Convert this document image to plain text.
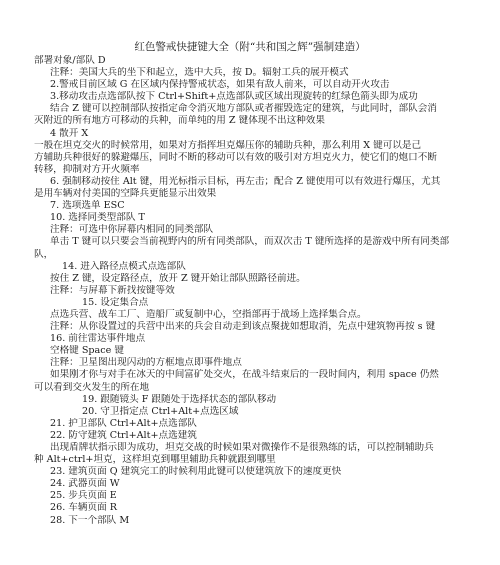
红色警戒快捷键大全（附“共和国之辉”强制建造）
部署对象/部队 D
注释：美国大兵的坐下和起立，选中大兵，按 D。辐射工兵的展开模式
2.警戒目前区域 G 在区域内保持警戒状态，如果有敌人前来，可以自动开火攻击
3.移动攻击点选部队按下 Ctrl+Shift+点选部队或区域出现旋转的红绿色箭头即为成功
结合 Z 键可以控制部队按指定命令消灭地方部队或者摧毁选定的建筑，与此同时，部队会消
灭附近的所有地方可移动的兵种，而单纯的用 Z 键体现不出这种效果
4 散开 X
一般在坦克交火的时候常用，如果对方指挥坦克爆压你的辅助兵种，那么利用 X 键可以是己
方辅助兵种很好的躲避爆压，同时不断的移动可以有效的吸引对方坦克火力，使它们的炮口不断
转移，抑制对方开火频率
6. 强制移动按住 Alt 键，用光标指示目标，再左击；配合 Z 键使用可以有效进行爆压，尤其
是用车辆对付美国的空降兵更能显示出效果
7. 选项选单 ESC
10. 选择同类型部队 T
注释：可选中你屏幕内相同的同类部队
单击 T 键可以只要会当前视野内的所有同类部队，而双次击 T 键所选择的是游戏中所有同类部
队，
14. 进入路径点模式点选部队
按住 Z 键，设定路径点，放开 Z 键开始让部队照路径前进。
注释：与屏幕下新找按键等效
15. 设定集合点
点选兵营、战车工厂、造船厂或复制中心，空指部再于战场上选择集合点。
注释：从你设置过的兵营中出来的兵会自动走到该点聚拢如想取消，先点中建筑物再按 s 键
16. 前往雷达事件地点
空格键 Space 键
注释：卫星图出现闪动的方框地点即事件地点
如果刚才你与对手在冰天的中间富矿处交火，在战斗结束后的一段时间内，利用 space 仍然
可以看到交火发生的所在地
19. 跟随镜头 F 跟随处于选择状态的部队移动
20. 守卫指定点 Ctrl+Alt+点选区域
21. 护卫部队 Ctrl+Alt+点选部队
22. 防守建筑 Ctrl+Alt+点选建筑
出现盾牌状指示即为成功，坦克交战的时候如果对微操作不是很熟练的话，可以控制辅助兵
种 Alt+ctrl+坦克，这样坦克到哪里辅助兵种就跟到哪里
23. 建筑页面 Q 建筑完工的时候利用此键可以使建筑放下的速度更快
24. 武器页面 W
25. 步兵页面 E
26. 车辆页面 R
28. 下一个部队 M
